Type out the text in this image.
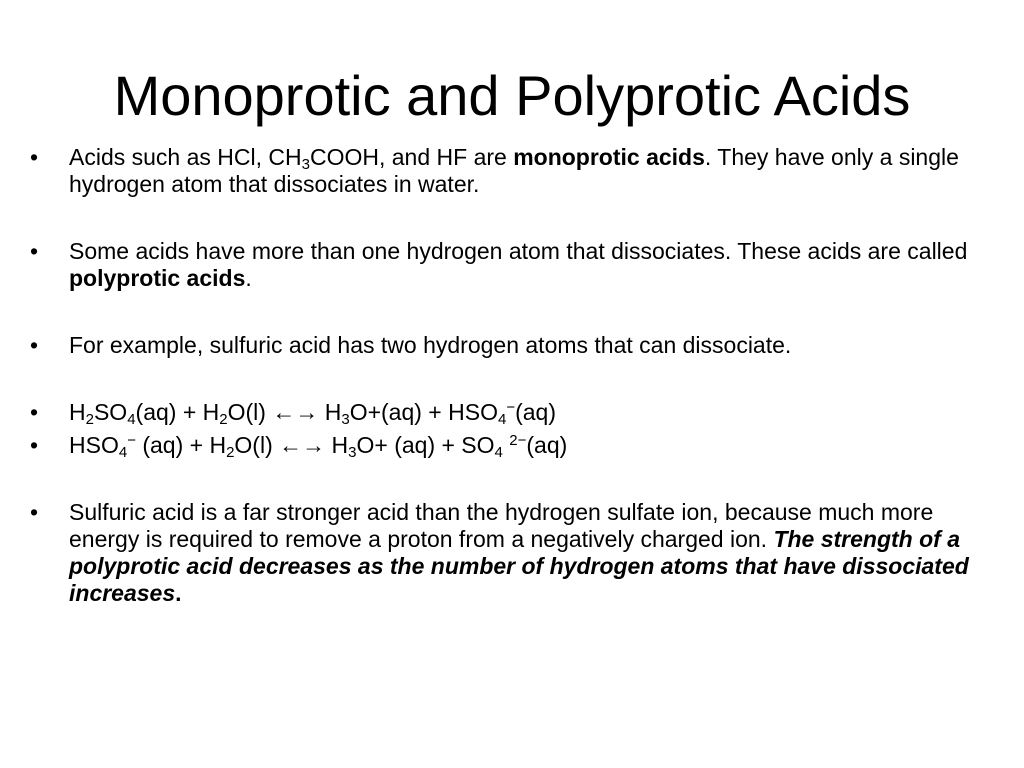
Monoprotic and Polyprotic Acids
• Acids such as HCl, $CH_3COOH$, and HF are monoprotic acids. They have only a single hydrogen atom that dissociates in water.
• Some acids have more than one hydrogen atom that dissociates. These acids are called polyprotic acids.
• For example, sulfuric acid has two hydrogen atoms that can dissociate.
• $H_2SO_4(aq) + H_2O(l)$ ←→ $H_3O+(aq) + HSO_4^-(aq)$
• $HSO_4^-$ $(aq) + H_2O(l)$ ←→ $H_3O+ (aq) + SO_4$ $^{2-}$(aq)
• Sulfuric acid is a far stronger acid than the hydrogen sulfate ion, because much more energy is required to remove a proton from a negatively charged ion. The strength of a polyprotic acid decreases as the number of hydrogen atoms that have dissociated increases.
